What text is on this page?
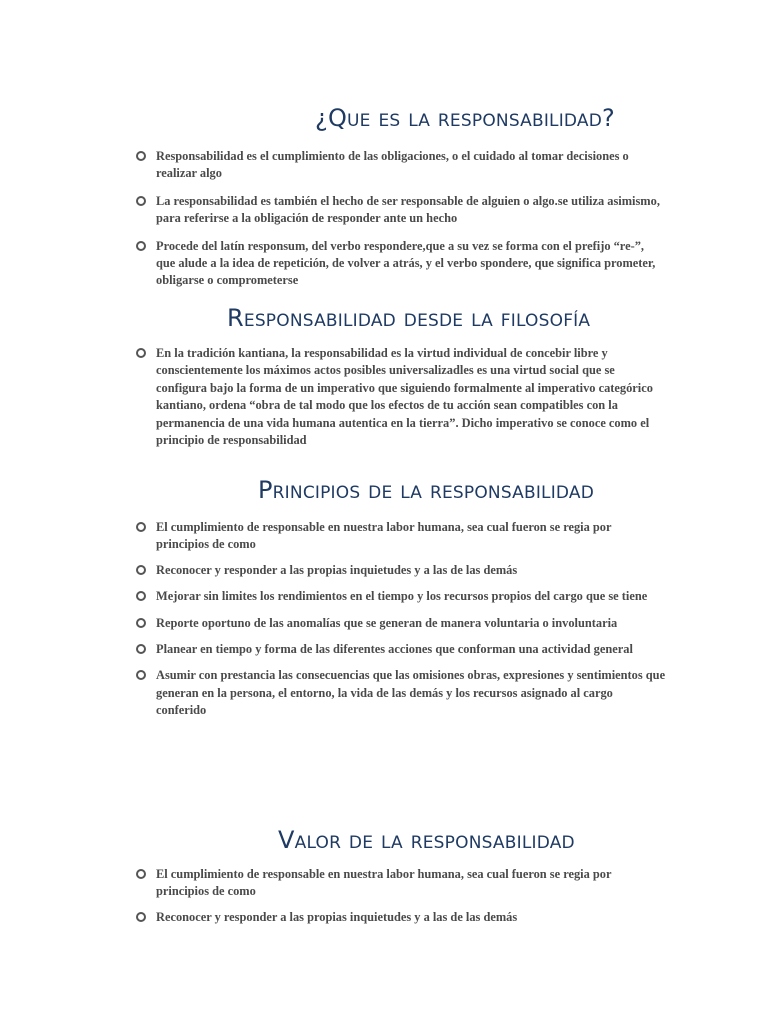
¿Que es la responsabilidad?
Responsabilidad es el cumplimiento de las obligaciones, o el cuidado al tomar decisiones o realizar algo
La responsabilidad es también el hecho de ser responsable de alguien o algo.se utiliza asimismo, para referirse a la obligación de responder ante un hecho
Procede del latín responsum, del verbo respondere,que a su vez se forma con el prefijo “re-”, que alude a la idea de repetición, de volver a atrás, y el verbo spondere, que significa prometer, obligarse o comprometerse
Responsabilidad desde la filosofía
En la tradición kantiana, la responsabilidad es la virtud individual de concebir libre y conscientemente los máximos actos posibles universalizadles es una virtud social que se configura bajo la forma de un imperativo que siguiendo formalmente al imperativo categórico kantiano, ordena “obra de tal modo que los efectos de tu acción sean compatibles con la permanencia de una vida humana autentica en la tierra”. Dicho imperativo se conoce como el principio de responsabilidad
Principios de la responsabilidad
El cumplimiento de responsable en nuestra labor humana, sea cual fueron se regia por principios de como
Reconocer y responder a las propias inquietudes y a las de las demás
Mejorar sin limites los rendimientos en el tiempo y los recursos propios del cargo que se tiene
Reporte oportuno de las anomalías que se generan de manera voluntaria o involuntaria
Planear en tiempo y forma de las diferentes acciones que conforman una actividad general
Asumir con prestancia las consecuencias que las omisiones obras, expresiones y sentimientos que generan en la persona, el entorno, la vida de las demás y los recursos asignado al cargo conferido
Valor de la responsabilidad
El cumplimiento de responsable en nuestra labor humana, sea cual fueron se regia por principios de como
Reconocer y responder a las propias inquietudes y a las de las demás
